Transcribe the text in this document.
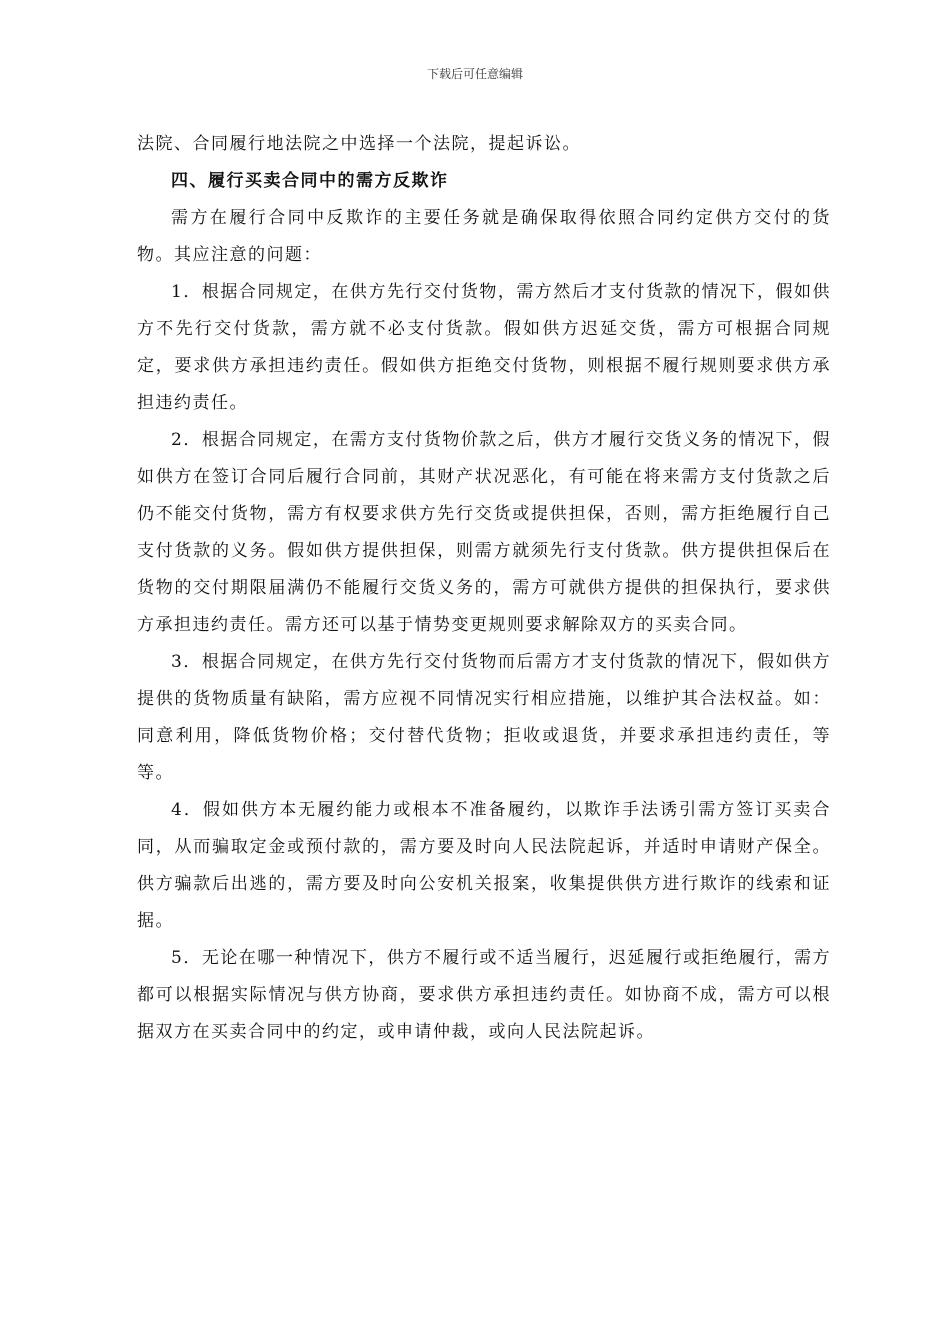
下载后可任意编辑

法院、合同履行地法院之中选择一个法院，提起诉讼。

四、履行买卖合同中的需方反欺诈

需方在履行合同中反欺诈的主要任务就是确保取得依照合同约定供方交付的货物。其应注意的问题：

1．根据合同规定，在供方先行交付货物，需方然后才支付货款的情况下，假如供方不先行交付货款，需方就不必支付货款。假如供方迟延交货，需方可根据合同规定，要求供方承担违约责任。假如供方拒绝交付货物，则根据不履行规则要求供方承担违约责任。

2．根据合同规定，在需方支付货物价款之后，供方才履行交货义务的情况下，假如供方在签订合同后履行合同前，其财产状况恶化，有可能在将来需方支付货款之后仍不能交付货物，需方有权要求供方先行交货或提供担保，否则，需方拒绝履行自己支付货款的义务。假如供方提供担保，则需方就须先行支付货款。供方提供担保后在货物的交付期限届满仍不能履行交货义务的，需方可就供方提供的担保执行，要求供方承担违约责任。需方还可以基于情势变更规则要求解除双方的买卖合同。

3．根据合同规定，在供方先行交付货物而后需方才支付货款的情况下，假如供方提供的货物质量有缺陷，需方应视不同情况实行相应措施，以维护其合法权益。如：同意利用，降低货物价格；交付替代货物；拒收或退货，并要求承担违约责任，等等。

4．假如供方本无履约能力或根本不准备履约，以欺诈手法诱引需方签订买卖合同，从而骗取定金或预付款的，需方要及时向人民法院起诉，并适时申请财产保全。供方骗款后出逃的，需方要及时向公安机关报案，收集提供供方进行欺诈的线索和证据。

5．无论在哪一种情况下，供方不履行或不适当履行，迟延履行或拒绝履行，需方都可以根据实际情况与供方协商，要求供方承担违约责任。如协商不成，需方可以根据双方在买卖合同中的约定，或申请仲裁，或向人民法院起诉。
